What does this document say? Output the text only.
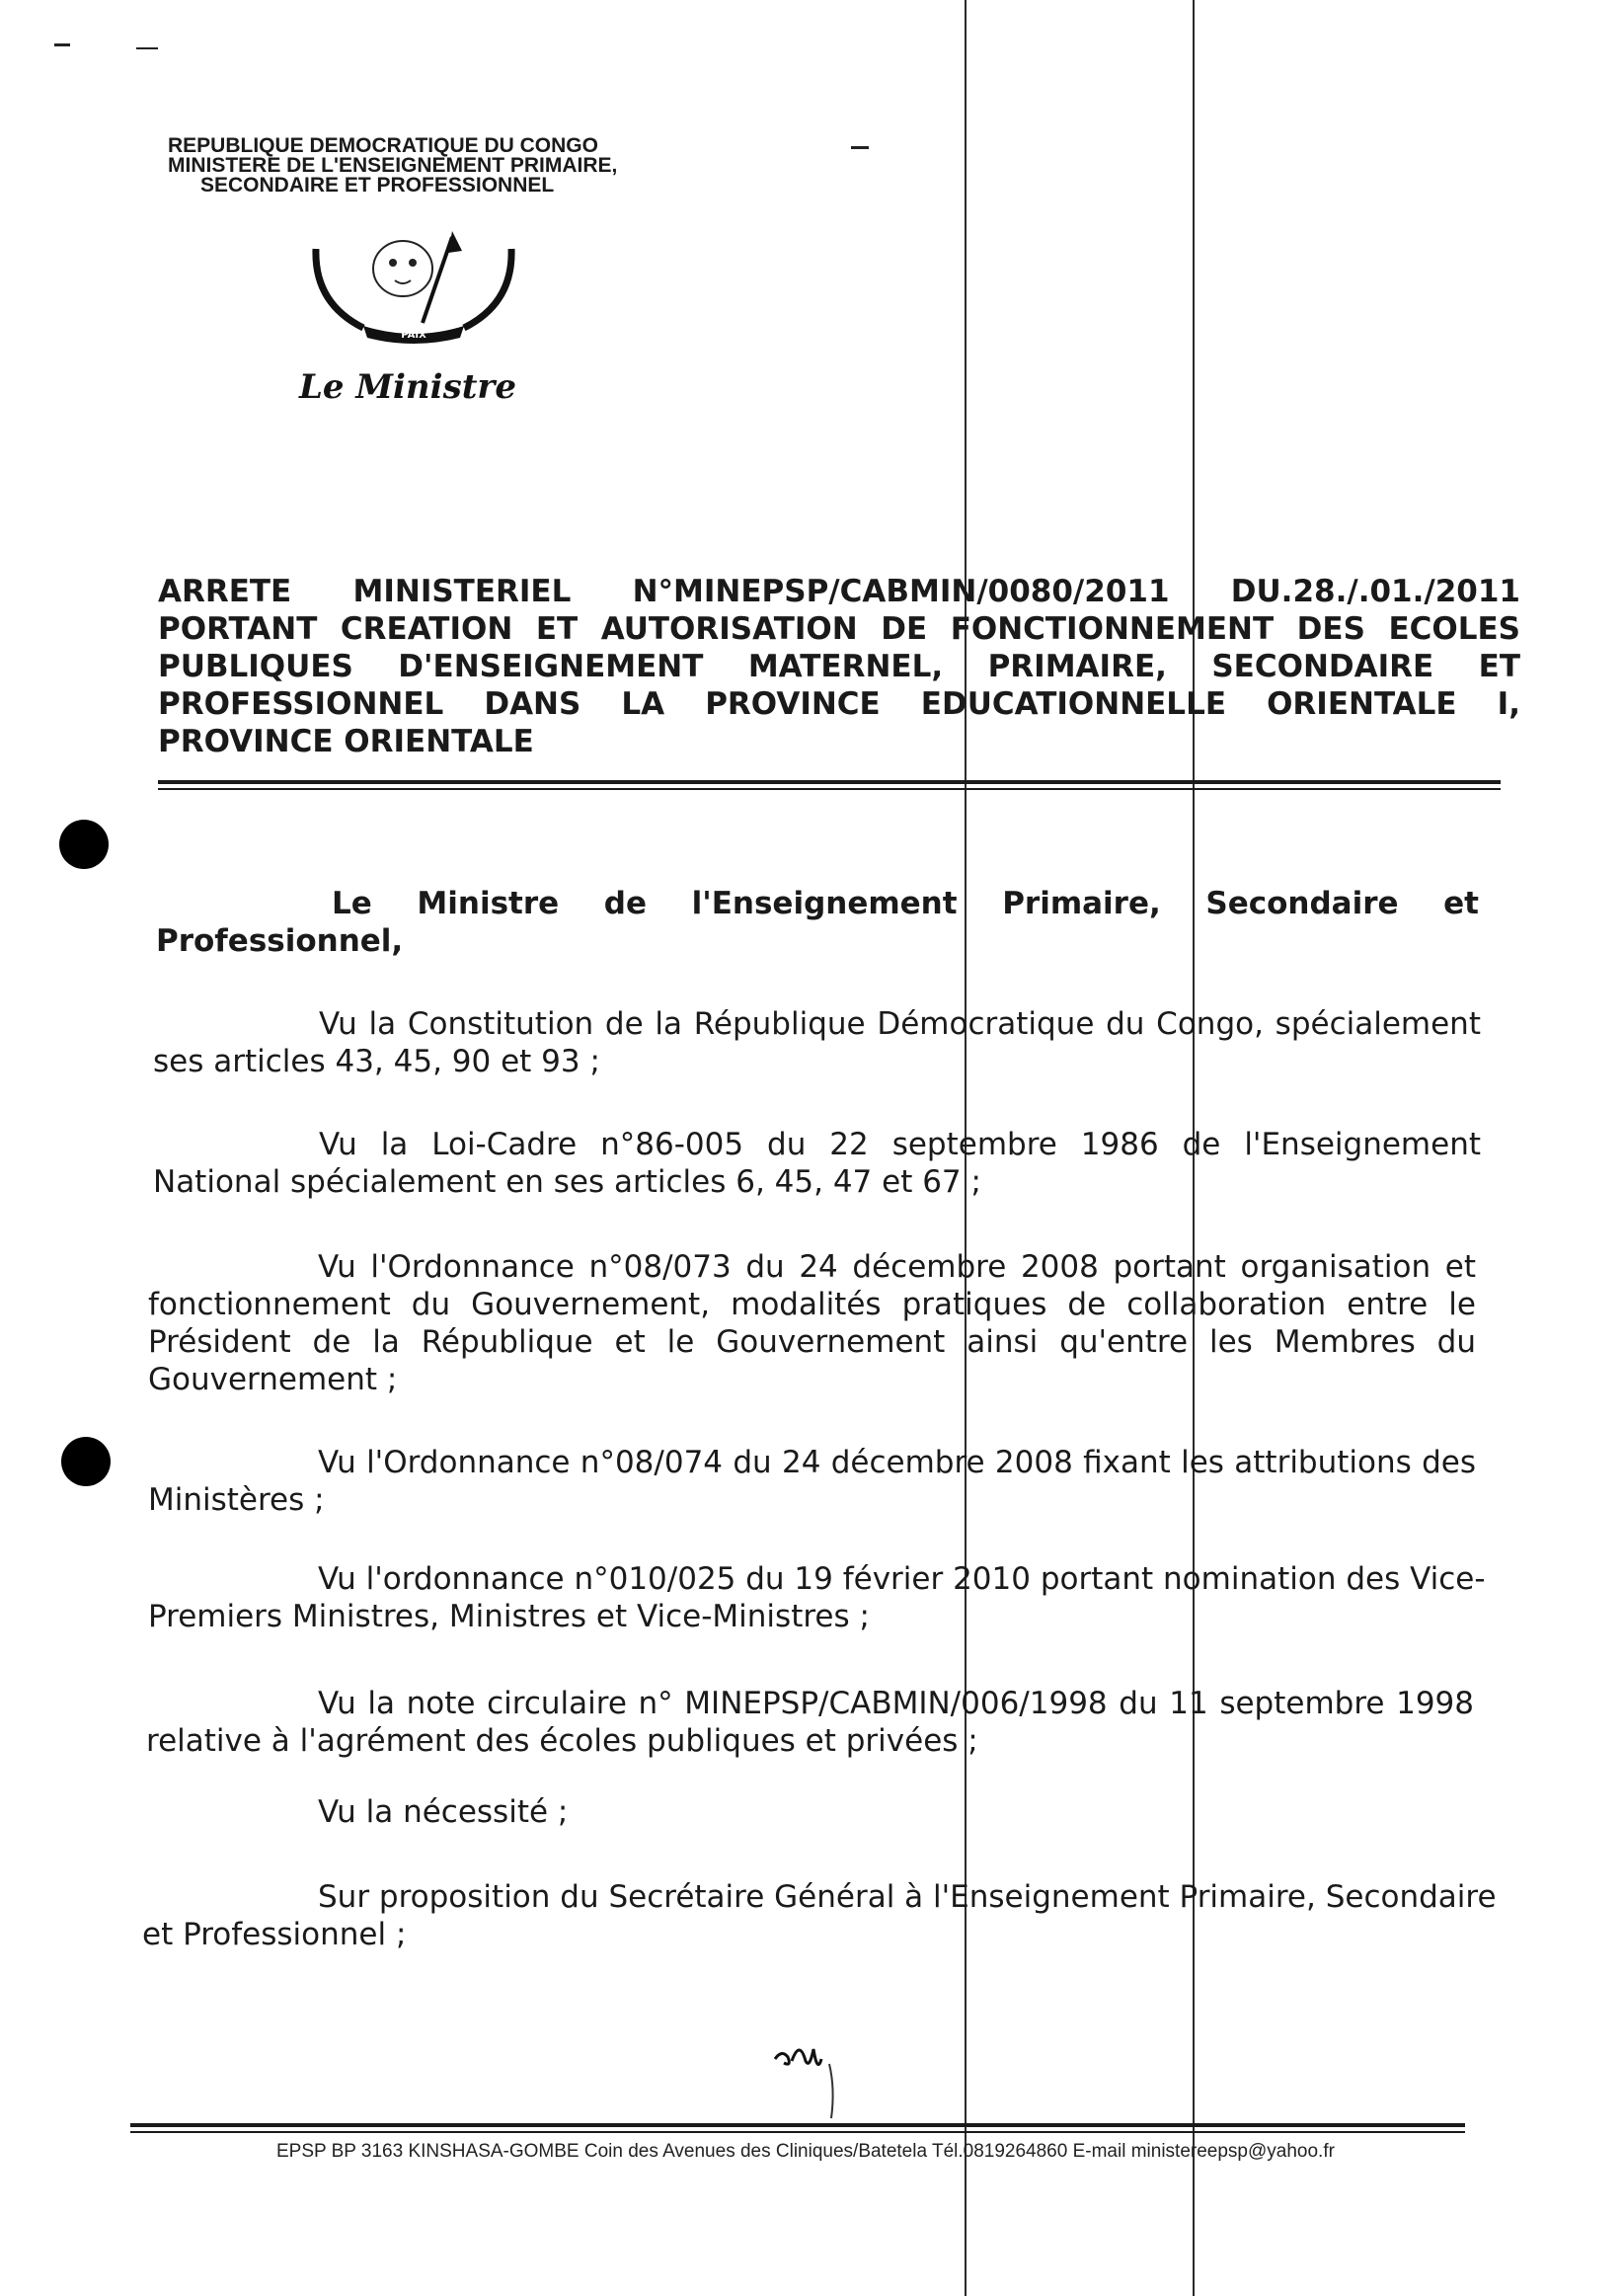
REPUBLIQUE DEMOCRATIQUE DU CONGO
MINISTERE DE L'ENSEIGNEMENT PRIMAIRE,
SECONDAIRE ET PROFESSIONNEL
PAIX
Le Ministre
ARRETE MINISTERIEL N°MINEPSP/CABMIN/0080/2011 DU.28./.01./2011
PORTANT CREATION ET AUTORISATION DE FONCTIONNEMENT DES ECOLES
PUBLIQUES D'ENSEIGNEMENT MATERNEL, PRIMAIRE, SECONDAIRE ET
PROFESSIONNEL DANS LA PROVINCE EDUCATIONNELLE ORIENTALE I,
PROVINCE ORIENTALE
Le Ministre de l'Enseignement Primaire, Secondaire et
Professionnel,
Vu la Constitution de la République Démocratique du Congo, spécialement
ses articles 43, 45, 90 et 93 ;
Vu la Loi-Cadre n°86-005 du 22 septembre 1986 de l'Enseignement
National spécialement en ses articles 6, 45, 47 et 67 ;
Vu l'Ordonnance n°08/073 du 24 décembre 2008 portant organisation et
fonctionnement du Gouvernement, modalités pratiques de collaboration entre le
Président de la République et le Gouvernement ainsi qu'entre les Membres du
Gouvernement ;
Vu l'Ordonnance n°08/074 du 24 décembre 2008 fixant les attributions des
Ministères ;
Vu l'ordonnance n°010/025 du 19 février 2010 portant nomination des Vice-
Premiers Ministres, Ministres et Vice-Ministres ;
Vu la note circulaire n° MINEPSP/CABMIN/006/1998 du 11 septembre 1998
relative à l'agrément des écoles publiques et privées ;
Vu la nécessité ;
Sur proposition du Secrétaire Général à l'Enseignement Primaire, Secondaire
et Professionnel ;
EPSP BP 3163 KINSHASA-GOMBE Coin des Avenues des Cliniques/Batetela Tél.0819264860 E-mail ministereepsp@yahoo.fr
